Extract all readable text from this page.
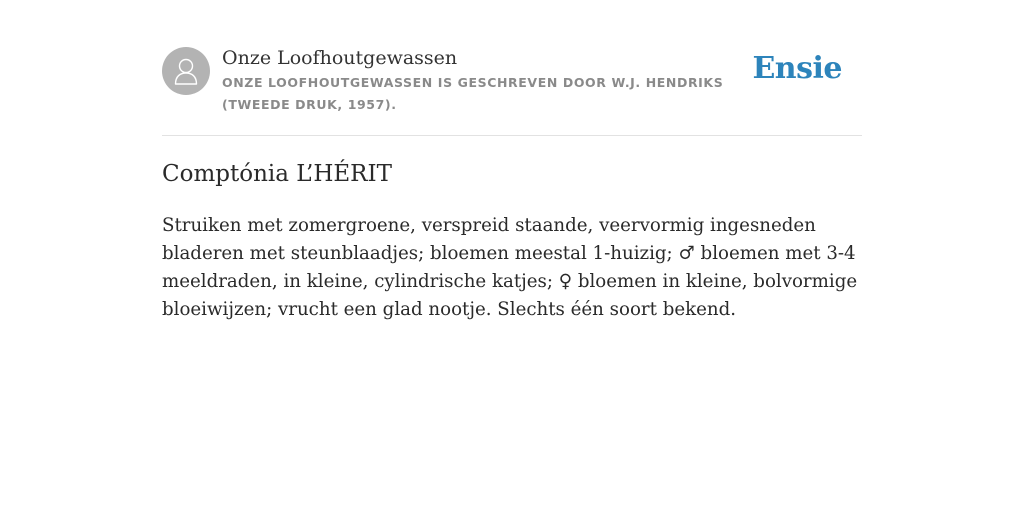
Onze Loofhoutgewassen
ONZE LOOFHOUTGEWASSEN IS GESCHREVEN DOOR W.J. HENDRIKS (TWEEDE DRUK, 1957).
Ensie
Comptónia L’HÉRIT

Struiken met zomergroene, verspreid staande, veervormig ingesneden bladeren met steunblaadjes; bloemen meestal 1-huizig; ♂ bloemen met 3-4 meeldraden, in kleine, cylindrische katjes; ♀ bloemen in kleine, bolvormige bloeiwijzen; vrucht een glad nootje. Slechts één soort bekend.
